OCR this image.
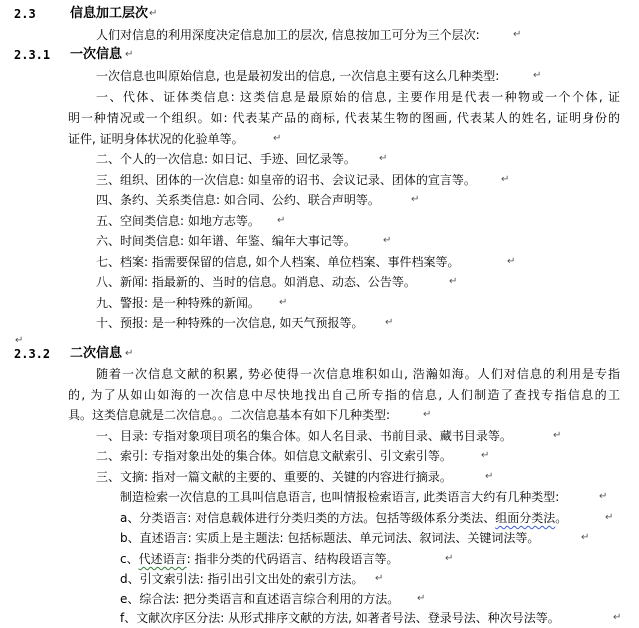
2.3	信息加工层次 ↵
人们对信息的利用深度决定信息加工的层次, 信息按加工可分为三个层次:	↵
2.3.1 一次信息 ↵
一次信息也叫原始信息, 也是最初发出的信息, 一次信息主要有这么几种类型:	↵
一、代体、证体类信息: 这类信息是最原始的信息, 主要作用是代表一种物或一个个体, 证
明一种情况或一个组织。如: 代表某产品的商标, 代表某生物的图画, 代表某人的姓名, 证明身份的
证件, 证明身体状况的化验单等。	↵
二、个人的一次信息: 如日记、手迹、回忆录等。 ↵
三、组织、团体的一次信息: 如皇帝的诏书、会议记录、团体的宣言等。	↵
四、条约、关系类信息: 如合同、公约、联合声明等。	↵
五、空间类信息: 如地方志等。 ↵
六、时间类信息: 如年谱、年鉴、编年大事记等。	↵
七、档案: 指需要保留的信息, 如个人档案、单位档案、事件档案等。	↵
八、新闻: 指最新的、当时的信息。如消息、动态、公告等。	↵
九、警报: 是一种特殊的新闻。 ↵
十、预报: 是一种特殊的一次信息, 如天气预报等。 ↵
↵
2.3.2 二次信息 ↵
随着一次信息文献的积累, 势必使得一次信息堆积如山, 浩瀚如海。人们对信息的利用是专指
的, 为了从如山如海的一次信息中尽快地找出自己所专指的信息, 人们制造了查找专指信息的工
具。这类信息就是二次信息。。二次信息基本有如下几种类型:	↵
一、目录: 专指对象项目项名的集合体。如人名目录、书前目录、藏书目录等。	↵
二、索引: 专指对象出处的集合体。如信息文献索引、引文索引等。	↵
三、文摘: 指对一篇文献的主要的、重要的、关键的内容进行摘录。	↵
制造检索一次信息的工具叫信息语言, 也叫情报检索语言, 此类语言大约有几种类型:	↵
a、分类语言: 对信息载体进行分类归类的方法。包括等级体系分类法、组面分类法。	↵
b、直述语言: 实质上是主题法: 包括标题法、单元词法、叙词法、关键词法等。	↵
c、代述语言: 指非分类的代码语言、结构段语言等。	↵
d、引文索引法: 指引出引文出处的索引方法。 ↵
e、综合法: 把分类语言和直述语言综合利用的方法。 ↵
f、文献次序区分法: 从形式排序文献的方法, 如著者号法、登录号法、种次号法等。	↵
